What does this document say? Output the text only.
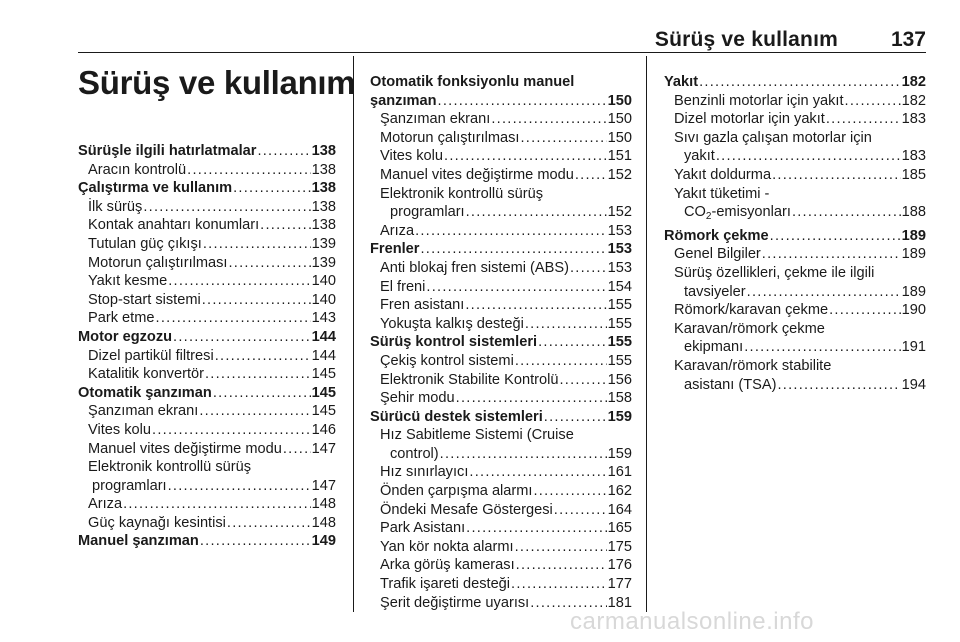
Sürüş ve kullanım	137
Sürüş ve kullanım
Sürüşle ilgili hatırlatmalar . . .	138
Aracın kontrolü . . .	138
Çalıştırma ve kullanım . . .	138
İlk sürüş . . .	138
Kontak anahtarı konumları . . .	138
Tutulan güç çıkışı . . .	139
Motorun çalıştırılması . . .	139
Yakıt kesme . . .	140
Stop-start sistemi . . .	140
Park etme . . .	143
Motor egzozu . . .	144
Dizel partikül filtresi . . .	144
Katalitik konvertör . . .	145
Otomatik şanzıman . . .	145
Şanzıman ekranı . . .	145
Vites kolu . . .	146
Manuel vites değiştirme modu . . . 147
Elektronik kontrollü sürüş
programları . . .	147
Arıza . . .	148
Güç kaynağı kesintisi . . .	148
Manuel şanzıman . . .	149
Otomatik fonksiyonlu manuel
şanzıman . . .	150
Şanzıman ekranı . . .	150
Motorun çalıştırılması . . .	150
Vites kolu . . .	151
Manuel vites değiştirme modu . . . 152
Elektronik kontrollü sürüş
programları . . .	152
Arıza . . .	153
Frenler . . .	153
Anti blokaj fren sistemi (ABS) . . .	153
El freni . . .	154
Fren asistanı . . .	155
Yokuşta kalkış desteği . . .	155
Sürüş kontrol sistemleri . . .	155
Çekiş kontrol sistemi . . .	155
Elektronik Stabilite Kontrolü . . .	156
Şehir modu . . .	158
Sürücü destek sistemleri . . .	159
Hız Sabitleme Sistemi (Cruise
control) . . .	159
Hız sınırlayıcı . . .	161
Önden çarpışma alarmı . . .	162
Öndeki Mesafe Göstergesi . . .	164
Park Asistanı . . .	165
Yan kör nokta alarmı . . .	175
Arka görüş kamerası . . .	176
Trafik işareti desteği . . .	177
Şerit değiştirme uyarısı . . .	181
Yakıt . . .	182
Benzinli motorlar için yakıt . . .	182
Dizel motorlar için yakıt . . .	183
Sıvı gazla çalışan motorlar için
yakıt . . .	183
Yakıt doldurma . . .	185
Yakıt tüketimi -
$CO_2$-emisyonları . . .	188
Römork çekme . . .	189
Genel Bilgiler . . .	189
Sürüş özellikleri, çekme ile ilgili
tavsiyeler . . .	189
Römork/karavan çekme . . .	190
Karavan/römork çekme
ekipmanı . . .	191
Karavan/römork stabilite
asistanı (TSA) . . .	194
carmanualsonline.info
